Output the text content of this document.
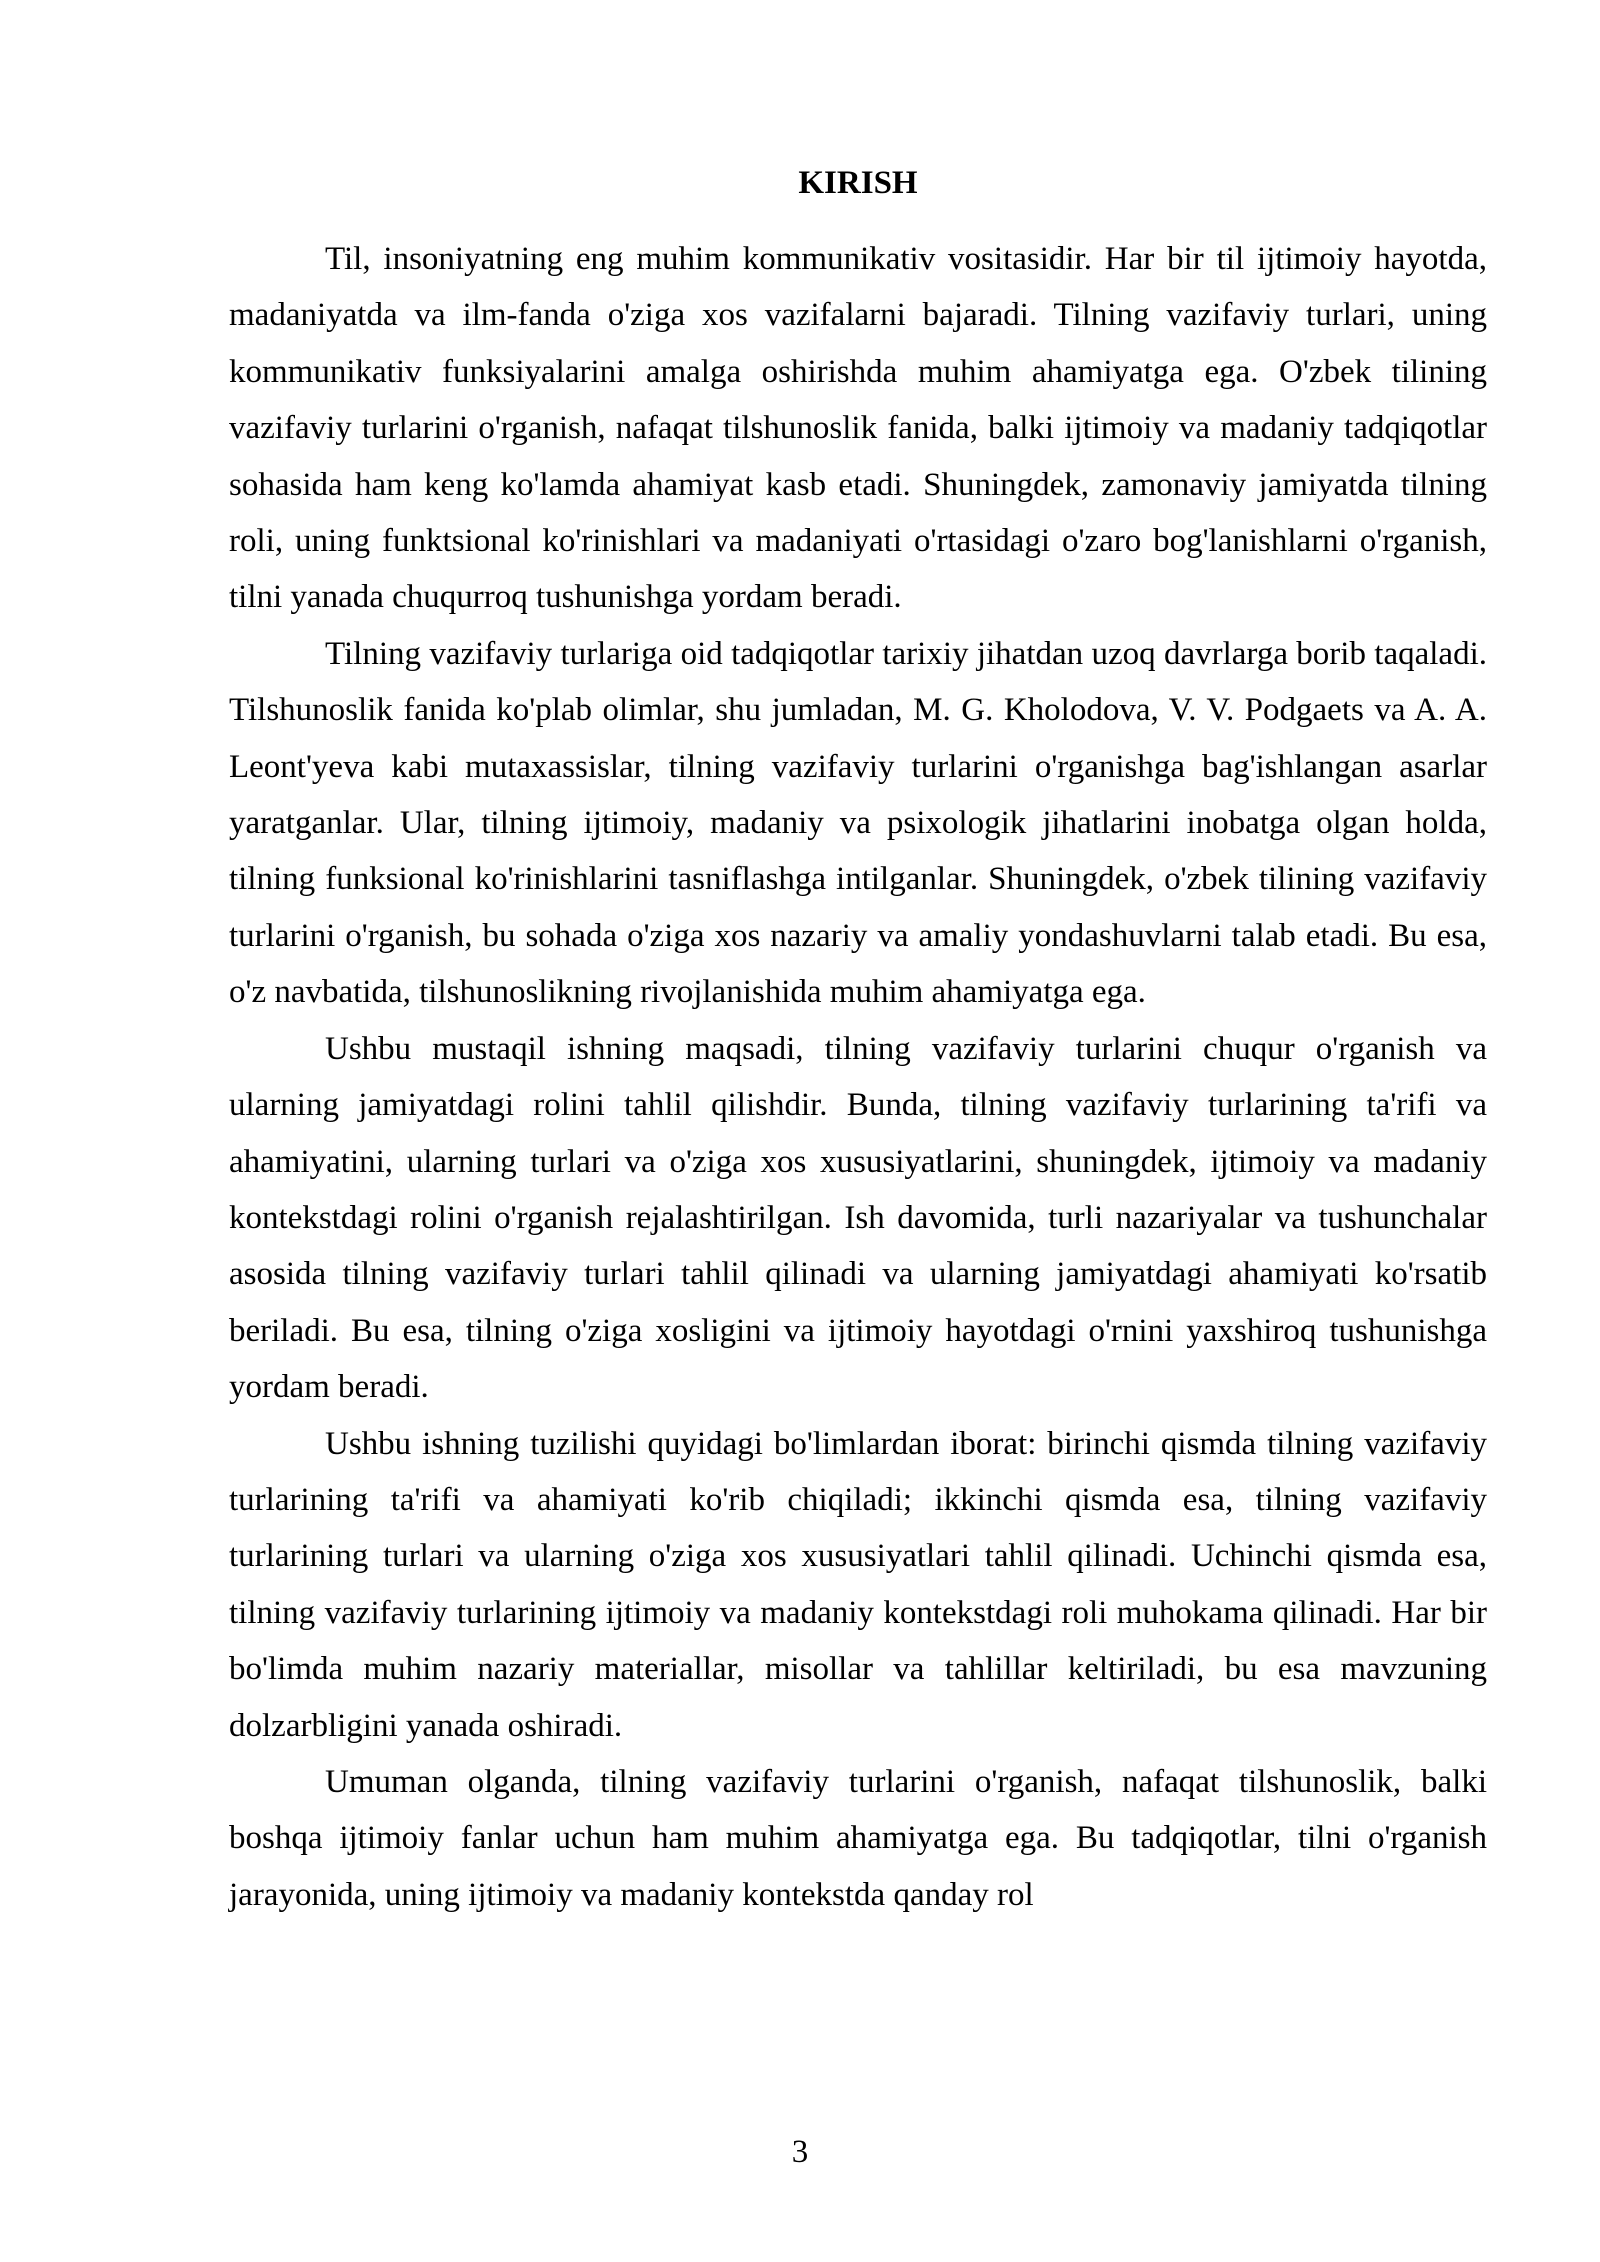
KIRISH

Til, insoniyatning eng muhim kommunikativ vositasidir. Har bir til ijtimoiy hayotda, madaniyatda va ilm-fanda o'ziga xos vazifalarni bajaradi. Tilning vazifaviy turlari, uning kommunikativ funksiyalarini amalga oshirishda muhim ahamiyatga ega. O'zbek tilining vazifaviy turlarini o'rganish, nafaqat tilshunoslik fanida, balki ijtimoiy va madaniy tadqiqotlar sohasida ham keng ko'lamda ahamiyat kasb etadi. Shuningdek, zamonaviy jamiyatda tilning roli, uning funktsional ko'rinishlari va madaniyati o'rtasidagi o'zaro bog'lanishlarni o'rganish, tilni yanada chuqurroq tushunishga yordam beradi.

Tilning vazifaviy turlariga oid tadqiqotlar tarixiy jihatdan uzoq davrlarga borib taqaladi. Tilshunoslik fanida ko'plab olimlar, shu jumladan, M. G. Kholodova, V. V. Podgaets va A. A. Leont'yeva kabi mutaxassislar, tilning vazifaviy turlarini o'rganishga bag'ishlangan asarlar yaratganlar. Ular, tilning ijtimoiy, madaniy va psixologik jihatlarini inobatga olgan holda, tilning funksional ko'rinishlarini tasniflashga intilganlar. Shuningdek, o'zbek tilining vazifaviy turlarini o'rganish, bu sohada o'ziga xos nazariy va amaliy yondashuvlarni talab etadi. Bu esa, o'z navbatida, tilshunoslikning rivojlanishida muhim ahamiyatga ega.

Ushbu mustaqil ishning maqsadi, tilning vazifaviy turlarini chuqur o'rganish va ularning jamiyatdagi rolini tahlil qilishdir. Bunda, tilning vazifaviy turlarining ta'rifi va ahamiyatini, ularning turlari va o'ziga xos xususiyatlarini, shuningdek, ijtimoiy va madaniy kontekstdagi rolini o'rganish rejalashtirilgan. Ish davomida, turli nazariyalar va tushunchalar asosida tilning vazifaviy turlari tahlil qilinadi va ularning jamiyatdagi ahamiyati ko'rsatib beriladi. Bu esa, tilning o'ziga xosligini va ijtimoiy hayotdagi o'rnini yaxshiroq tushunishga yordam beradi.

Ushbu ishning tuzilishi quyidagi bo'limlardan iborat: birinchi qismda tilning vazifaviy turlarining ta'rifi va ahamiyati ko'rib chiqiladi; ikkinchi qismda esa, tilning vazifaviy turlarining turlari va ularning o'ziga xos xususiyatlari tahlil qilinadi. Uchinchi qismda esa, tilning vazifaviy turlarining ijtimoiy va madaniy kontekstdagi roli muhokama qilinadi. Har bir bo'limda muhim nazariy materiallar, misollar va tahlillar keltiriladi, bu esa mavzuning dolzarbligini yanada oshiradi.

Umuman olganda, tilning vazifaviy turlarini o'rganish, nafaqat tilshunoslik, balki boshqa ijtimoiy fanlar uchun ham muhim ahamiyatga ega. Bu tadqiqotlar, tilni o'rganish jarayonida, uning ijtimoiy va madaniy kontekstda qanday rol

3
